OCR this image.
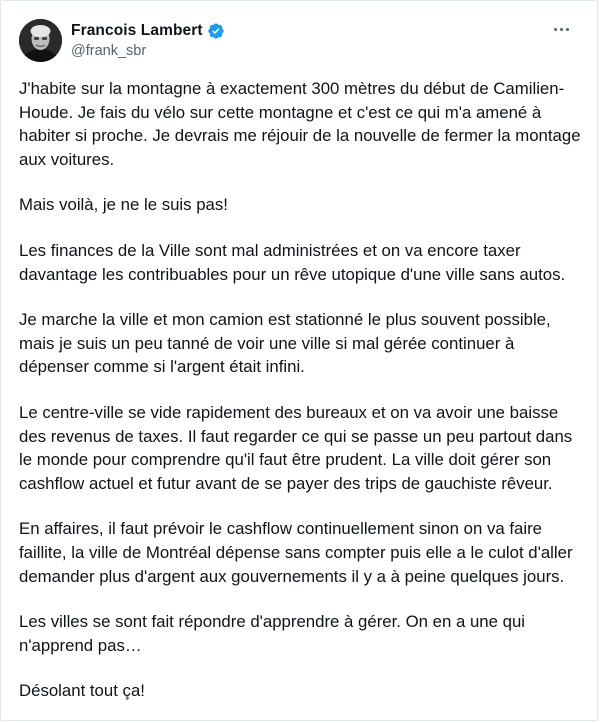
Francois Lambert
@frank_sbr

J'habite sur la montagne à exactement 300 mètres du début de Camilien-Houde. Je fais du vélo sur cette montagne et c'est ce qui m'a amené à habiter si proche. Je devrais me réjouir de la nouvelle de fermer la montage aux voitures.

Mais voilà, je ne le suis pas!

Les finances de la Ville sont mal administrées et on va encore taxer davantage les contribuables pour un rêve utopique d'une ville sans autos.

Je marche la ville et mon camion est stationné le plus souvent possible, mais je suis un peu tanné de voir une ville si mal gérée continuer à dépenser comme si l'argent était infini.

Le centre-ville se vide rapidement des bureaux et on va avoir une baisse des revenus de taxes. Il faut regarder ce qui se passe un peu partout dans le monde pour comprendre qu'il faut être prudent. La ville doit gérer son cashflow actuel et futur avant de se payer des trips de gauchiste rêveur.

En affaires, il faut prévoir le cashflow continuellement sinon on va faire faillite, la ville de Montréal dépense sans compter puis elle a le culot d'aller demander plus d'argent aux gouvernements il y a à peine quelques jours.

Les villes se sont fait répondre d'apprendre à gérer. On en a une qui n'apprend pas…

Désolant tout ça!
